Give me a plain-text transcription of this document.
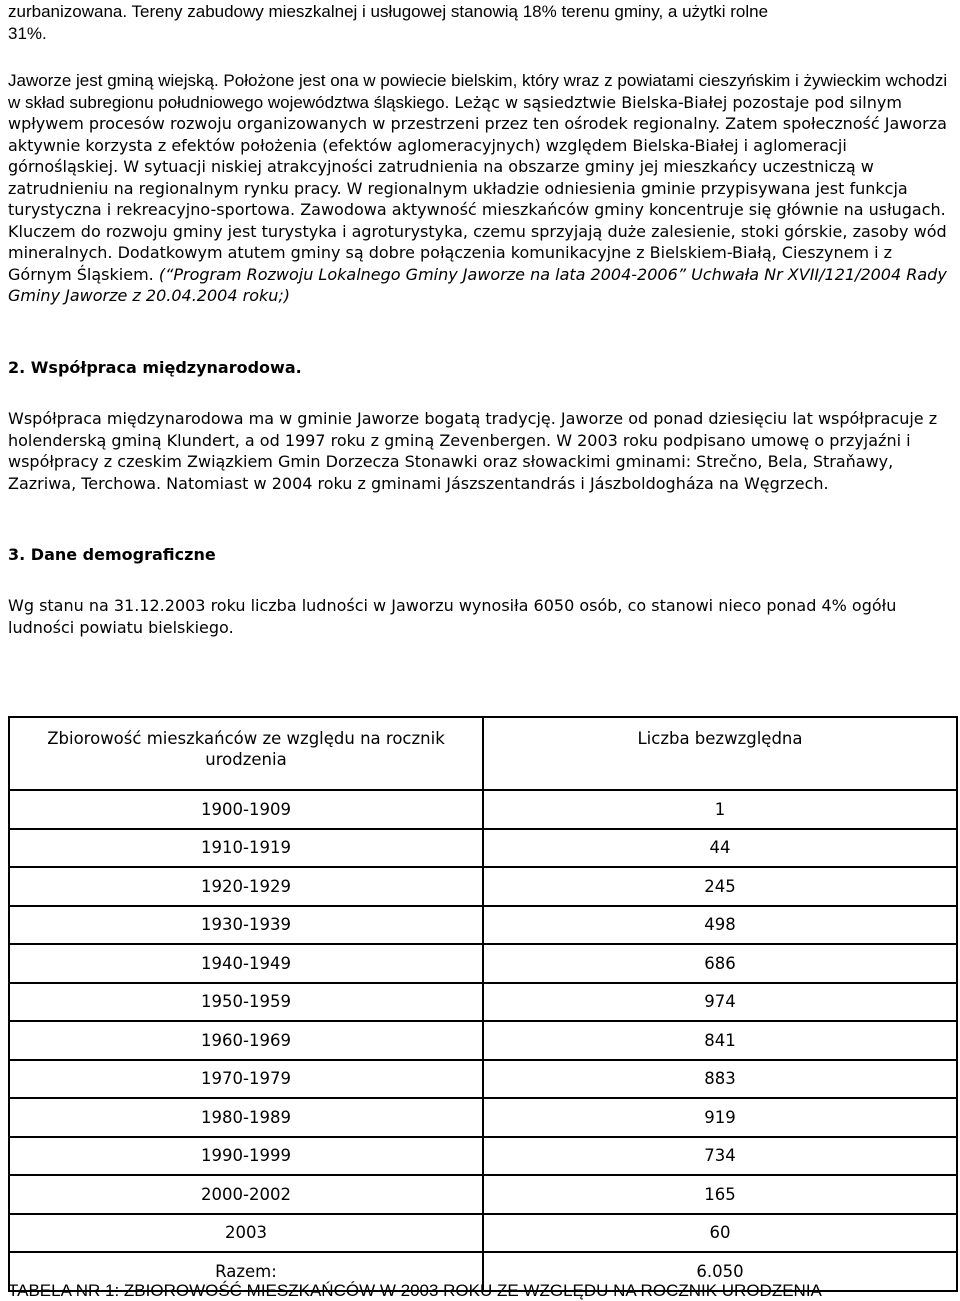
zurbanizowana. Tereny zabudowy mieszkalnej i usługowej stanowią 18% terenu gminy, a użytki rolne

31%.

Jaworze jest gminą wiejską. Położone jest ona w powiecie bielskim, który wraz z powiatami cieszyńskim i żywieckim wchodzi w skład subregionu południowego województwa śląskiego. Leżąc w sąsiedztwie Bielska-Białej pozostaje pod silnym wpływem procesów rozwoju organizowanych w przestrzeni przez ten ośrodek regionalny. Zatem społeczność Jaworza aktywnie korzysta z efektów położenia (efektów aglomeracyjnych) względem Bielska-Białej i aglomeracji górnośląskiej. W sytuacji niskiej atrakcyjności zatrudnienia na obszarze gminy jej mieszkańcy uczestniczą w zatrudnieniu na regionalnym rynku pracy. W regionalnym układzie odniesienia gminie przypisywana jest funkcja turystyczna i rekreacyjno-sportowa. Zawodowa aktywność mieszkańców gminy koncentruje się głównie na usługach. Kluczem do rozwoju gminy jest turystyka i agroturystyka, czemu sprzyjają duże zalesienie, stoki górskie, zasoby wód mineralnych. Dodatkowym atutem gminy są dobre połączenia komunikacyjne z Bielskiem-Białą, Cieszynem i z Górnym Śląskiem. (“Program Rozwoju Lokalnego Gminy Jaworze na lata 2004-2006” Uchwała Nr XVII/121/2004 Rady Gminy Jaworze z 20.04.2004 roku;)

2. Współpraca międzynarodowa.
Współpraca międzynarodowa ma w gminie Jaworze bogatą tradycję. Jaworze od ponad dziesięciu lat współpracuje z holenderską gminą Klundert, a od 1997 roku z gminą Zevenbergen. W 2003 roku podpisano umowę o przyjaźni i współpracy z czeskim Związkiem Gmin Dorzecza Stonawki oraz słowackimi gminami: Strečno, Bela, Straňawy, Zazriwa, Terchowa. Natomiast w 2004 roku z gminami Jászszentandrás i Jászboldogháza na Węgrzech.
3. Dane demograficzne
Wg stanu na 31.12.2003 roku liczba ludności w Jaworzu wynosiła 6050 osób, co stanowi nieco ponad 4% ogółu ludności powiatu bielskiego.
Zbiorowość mieszkańców ze względu na rocznik urodzenia	Liczba bezwzględna
1900-1909	1
1910-1919	44
1920-1929	245
1930-1939	498
1940-1949	686
1950-1959	974
1960-1969	841
1970-1979	883
1980-1989	919
1990-1999	734
2000-2002	165
2003	60
Razem:	6.050
TABELA NR 1: ZBIOROWOŚĆ MIESZKAŃCÓW W 2003 ROKU ZE WZGLĘDU NA ROCZNIK URODZENIA
